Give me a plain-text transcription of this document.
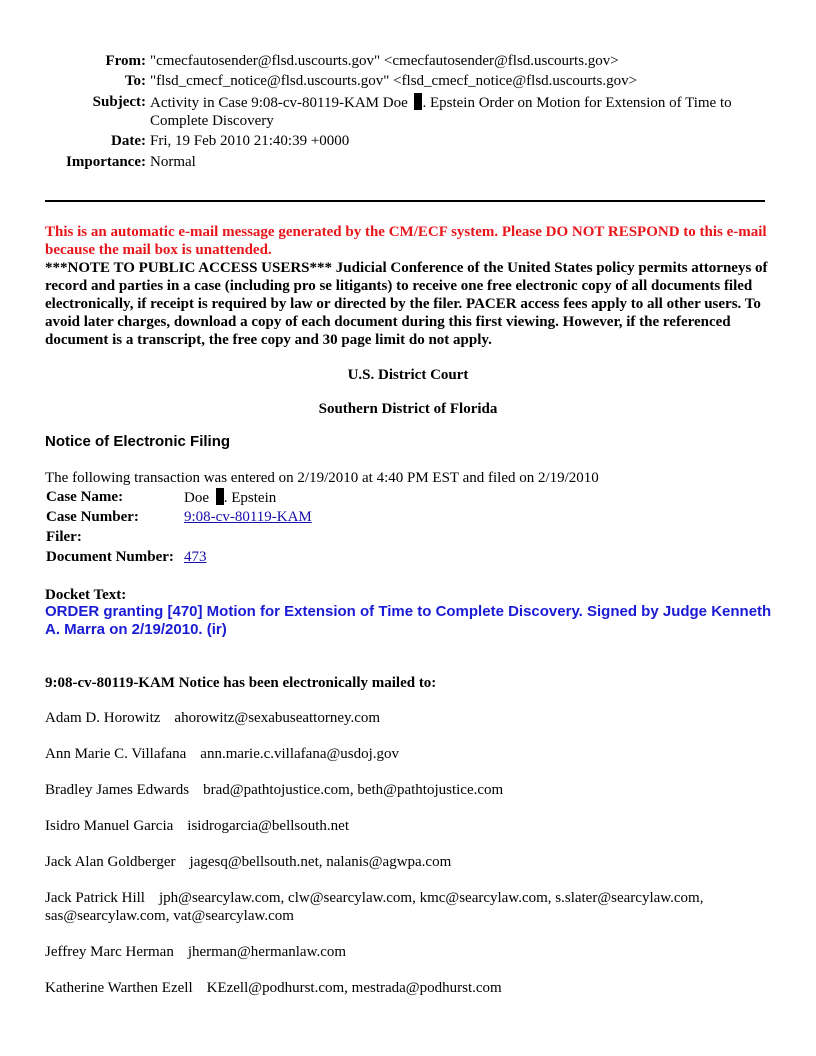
From: "cmecfautosender@flsd.uscourts.gov" <cmecfautosender@flsd.uscourts.gov>
To: "flsd_cmecf_notice@flsd.uscourts.gov" <flsd_cmecf_notice@flsd.uscourts.gov>
Subject: Activity in Case 9:08-cv-80119-KAM Doe . Epstein Order on Motion for Extension of Time to Complete Discovery
Date: Fri, 19 Feb 2010 21:40:39 +0000
Importance: Normal
This is an automatic e-mail message generated by the CM/ECF system. Please DO NOT RESPOND to this e-mail because the mail box is unattended.
***NOTE TO PUBLIC ACCESS USERS*** Judicial Conference of the United States policy permits attorneys of record and parties in a case (including pro se litigants) to receive one free electronic copy of all documents filed electronically, if receipt is required by law or directed by the filer. PACER access fees apply to all other users. To avoid later charges, download a copy of each document during this first viewing. However, if the referenced document is a transcript, the free copy and 30 page limit do not apply.
U.S. District Court
Southern District of Florida
Notice of Electronic Filing
The following transaction was entered on 2/19/2010 at 4:40 PM EST and filed on 2/19/2010
Case Name:	Doe . Epstein
Case Number:	9:08-cv-80119-KAM
Filer:
Document Number: 473
Docket Text:
ORDER granting [470] Motion for Extension of Time to Complete Discovery. Signed by Judge Kenneth A. Marra on 2/19/2010. (ir)
9:08-cv-80119-KAM Notice has been electronically mailed to:
Adam D. Horowitz ahorowitz@sexabuseattorney.com
Ann Marie C. Villafana ann.marie.c.villafana@usdoj.gov
Bradley James Edwards brad@pathtojustice.com, beth@pathtojustice.com
Isidro Manuel Garcia isidrogarcia@bellsouth.net
Jack Alan Goldberger jagesq@bellsouth.net, nalanis@agwpa.com
Jack Patrick Hill jph@searcylaw.com, clw@searcylaw.com, kmc@searcylaw.com, s.slater@searcylaw.com, sas@searcylaw.com, vat@searcylaw.com
Jeffrey Marc Herman jherman@hermanlaw.com
Katherine Warthen Ezell KEzell@podhurst.com, mestrada@podhurst.com
